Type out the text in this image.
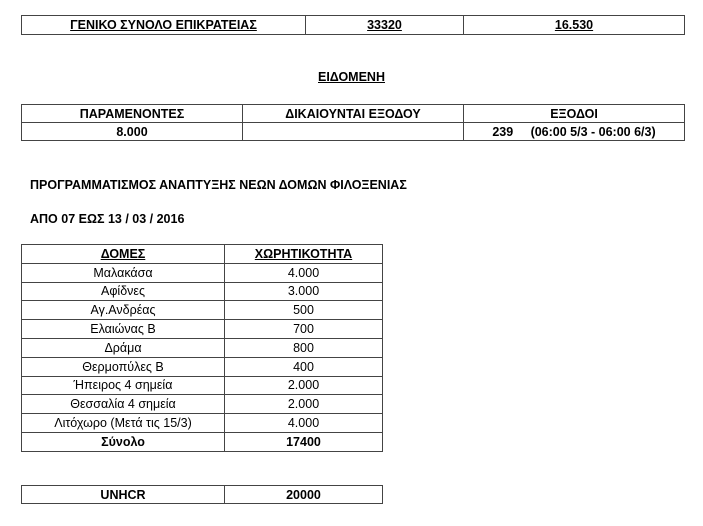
ΓΕΝΙΚΟ ΣΥΝΟΛΟ ΕΠΙΚΡΑΤΕΙΑΣ	33320	16.530
ΕΙΔΟΜΕΝΗ
ΠΑΡΑΜΕΝΟΝΤΕΣ	ΔΙΚΑΙΟΥΝΤΑΙ ΕΞΟΔΟΥ	ΕΞΟΔΟΙ
8.000		239     (06:00 5/3 - 06:00 6/3)
ΠΡΟΓΡΑΜΜΑΤΙΣΜΟΣ ΑΝΑΠΤΥΞΗΣ ΝΕΩΝ ΔΟΜΩΝ ΦΙΛΟΞΕΝΙΑΣ
ΑΠΟ 07 ΕΩΣ 13 / 03 / 2016
ΔΟΜΕΣ	ΧΩΡΗΤΙΚΟΤΗΤΑ
Μαλακάσα	4.000
Αφίδνες	3.000
Αγ.Ανδρέας	500
Ελαιώνας Β	700
Δράμα	800
Θερμοπύλες Β	400
Ήπειρος 4 σημεία	2.000
Θεσσαλία 4 σημεία	2.000
Λιτόχωρο (Μετά τις 15/3)	4.000
Σύνολο	17400
UNHCR	20000
